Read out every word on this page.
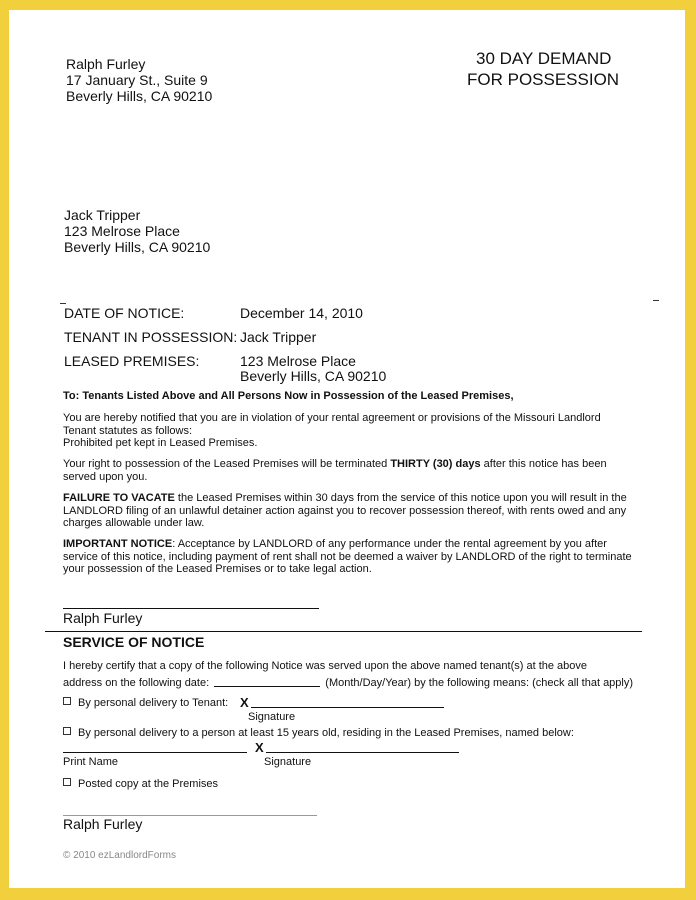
Ralph Furley
17 January St., Suite 9
Beverly Hills, CA 90210
30 DAY DEMAND
FOR POSSESSION
Jack Tripper
123 Melrose Place
Beverly Hills, CA 90210
DATE OF NOTICE:	December 14, 2010
TENANT IN POSSESSION: Jack Tripper
LEASED PREMISES:	123 Melrose Place
Beverly Hills, CA 90210
To: Tenants Listed Above and All Persons Now in Possession of the Leased Premises,
You are hereby notified that you are in violation of your rental agreement or provisions of the Missouri Landlord Tenant statutes as follows:
Prohibited pet kept in Leased Premises.
Your right to possession of the Leased Premises will be terminated THIRTY (30) days after this notice has been served upon you.
FAILURE TO VACATE the Leased Premises within 30 days from the service of this notice upon you will result in the LANDLORD filing of an unlawful detainer action against you to recover possession thereof, with rents owed and any charges allowable under law.
IMPORTANT NOTICE: Acceptance by LANDLORD of any performance under the rental agreement by you after service of this notice, including payment of rent shall not be deemed a waiver by LANDLORD of the right to terminate your possession of the Leased Premises or to take legal action.
Ralph Furley
SERVICE OF NOTICE
I hereby certify that a copy of the following Notice was served upon the above named tenant(s) at the above
address on the following date:	(Month/Day/Year) by the following means: (check all that apply)
By personal delivery to Tenant: X
Signature
By personal delivery to a person at least 15 years old, residing in the Leased Premises, named below:
X
Print Name	Signature
Posted copy at the Premises
Ralph Furley
© 2010 ezLandlordForms
